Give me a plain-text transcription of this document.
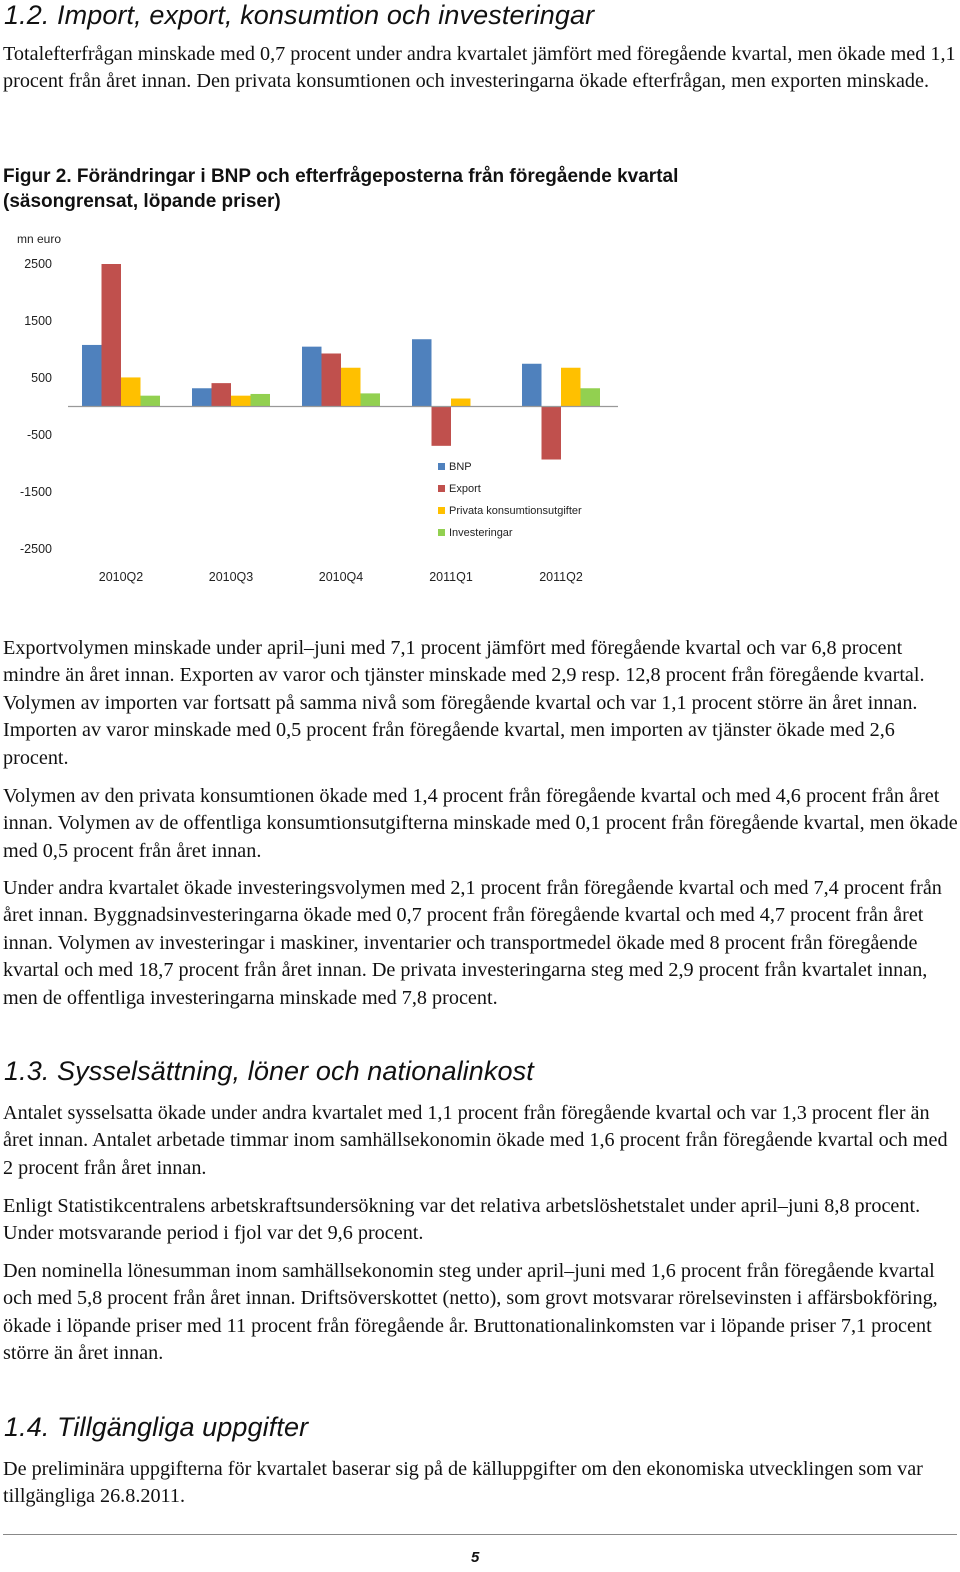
1.2. Import, export, konsumtion och investeringar

Totalefterfrågan minskade med 0,7 procent under andra kvartalet jämfört med föregående kvartal, men ökade med 1,1 procent från året innan. Den privata konsumtionen och investeringarna ökade efterfrågan, men exporten minskade.

Figur 2. Förändringar i BNP och efterfrågeposterna från föregående kvartal (säsongrensat, löpande priser)
mn euro
2500
1500
500
-500
-1500
-2500
2010Q2	2010Q3	2010Q4	2011Q1	2011Q2
BNP
Export
Privata konsumtionsutgifter
Investeringar

Exportvolymen minskade under april–juni med 7,1 procent jämfört med föregående kvartal och var 6,8 procent mindre än året innan. Exporten av varor och tjänster minskade med 2,9 resp. 12,8 procent från föregående kvartal. Volymen av importen var fortsatt på samma nivå som föregående kvartal och var 1,1 procent större än året innan. Importen av varor minskade med 0,5 procent från föregående kvartal, men importen av tjänster ökade med 2,6 procent.

Volymen av den privata konsumtionen ökade med 1,4 procent från föregående kvartal och med 4,6 procent från året innan. Volymen av de offentliga konsumtionsutgifterna minskade med 0,1 procent från föregående kvartal, men ökade med 0,5 procent från året innan.

Under andra kvartalet ökade investeringsvolymen med 2,1 procent från föregående kvartal och med 7,4 procent från året innan. Byggnadsinvesteringarna ökade med 0,7 procent från föregående kvartal och med 4,7 procent från året innan. Volymen av investeringar i maskiner, inventarier och transportmedel ökade med 8 procent från föregående kvartal och med 18,7 procent från året innan. De privata investeringarna steg med 2,9 procent från kvartalet innan, men de offentliga investeringarna minskade med 7,8 procent.

1.3. Sysselsättning, löner och nationalinkost

Antalet sysselsatta ökade under andra kvartalet med 1,1 procent från föregående kvartal och var 1,3 procent fler än året innan. Antalet arbetade timmar inom samhällsekonomin ökade med 1,6 procent från föregående kvartal och med 2 procent från året innan.

Enligt Statistikcentralens arbetskraftsundersökning var det relativa arbetslöshetstalet under april–juni 8,8 procent. Under motsvarande period i fjol var det 9,6 procent.

Den nominella lönesumman inom samhällsekonomin steg under april–juni med 1,6 procent från föregående kvartal och med 5,8 procent från året innan. Driftsöverskottet (netto), som grovt motsvarar rörelsevinsten i affärsbokföring, ökade i löpande priser med 11 procent från föregående år. Bruttonationalinkomsten var i löpande priser 7,1 procent större än året innan.

1.4. Tillgängliga uppgifter

De preliminära uppgifterna för kvartalet baserar sig på de källuppgifter om den ekonomiska utvecklingen som var tillgängliga 26.8.2011.

5
